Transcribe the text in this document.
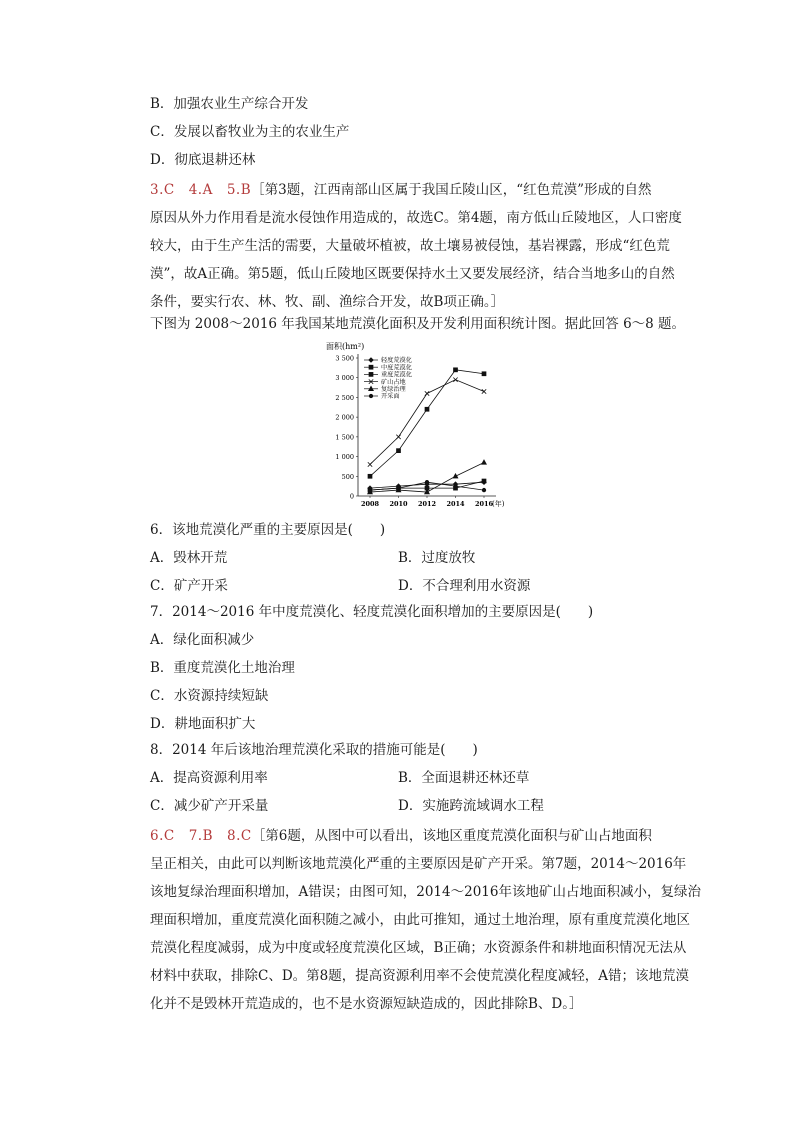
B．加强农业生产综合开发
C．发展以畜牧业为主的农业生产
D．彻底退耕还林

3.C　4.A　5.B［第3题，江西南部山区属于我国丘陵山区，“红色荒漠”形成的自然

原因从外力作用看是流水侵蚀作用造成的，故选C。第4题，南方低山丘陵地区，人口密度

较大，由于生产生活的需要，大量破坏植被，故土壤易被侵蚀，基岩裸露，形成“红色荒

漠”，故A正确。第5题，低山丘陵地区既要保持水土又要发展经济，结合当地多山的自然

条件，要实行农、林、牧、副、渔综合开发，故B项正确。］

下图为 2008～2016 年我国某地荒漠化面积及开发利用面积统计图。据此回答 6～8 题。
面积(hm²)
0
500
1 000
1 500
2 000
2 500
3 000
3 500
2008 2010 2012 2014 2016
轻度荒漠化
中度荒漠化
重度荒漠化
矿山占地
复绿治理
开采面
(年)
6．该地荒漠化严重的主要原因是(　　)
A．毁林开荒	B．过度放牧
C．矿产开采	D．不合理利用水资源
7．2014～2016 年中度荒漠化、轻度荒漠化面积增加的主要原因是(　　)
A．绿化面积减少
B．重度荒漠化土地治理
C．水资源持续短缺
D．耕地面积扩大
8．2014 年后该地治理荒漠化采取的措施可能是(　　)
A．提高资源利用率	B．全面退耕还林还草
C．减少矿产开采量	D．实施跨流域调水工程

6.C　7.B　8.C［第6题，从图中可以看出，该地区重度荒漠化面积与矿山占地面积

呈正相关，由此可以判断该地荒漠化严重的主要原因是矿产开采。第7题，2014～2016年

该地复绿治理面积增加，A错误；由图可知，2014～2016年该地矿山占地面积减小，复绿治

理面积增加，重度荒漠化面积随之减小，由此可推知，通过土地治理，原有重度荒漠化地区

荒漠化程度减弱，成为中度或轻度荒漠化区域，B正确；水资源条件和耕地面积情况无法从

材料中获取，排除C、D。第8题，提高资源利用率不会使荒漠化程度减轻，A错；该地荒漠

化并不是毁林开荒造成的，也不是水资源短缺造成的，因此排除B、D。］
